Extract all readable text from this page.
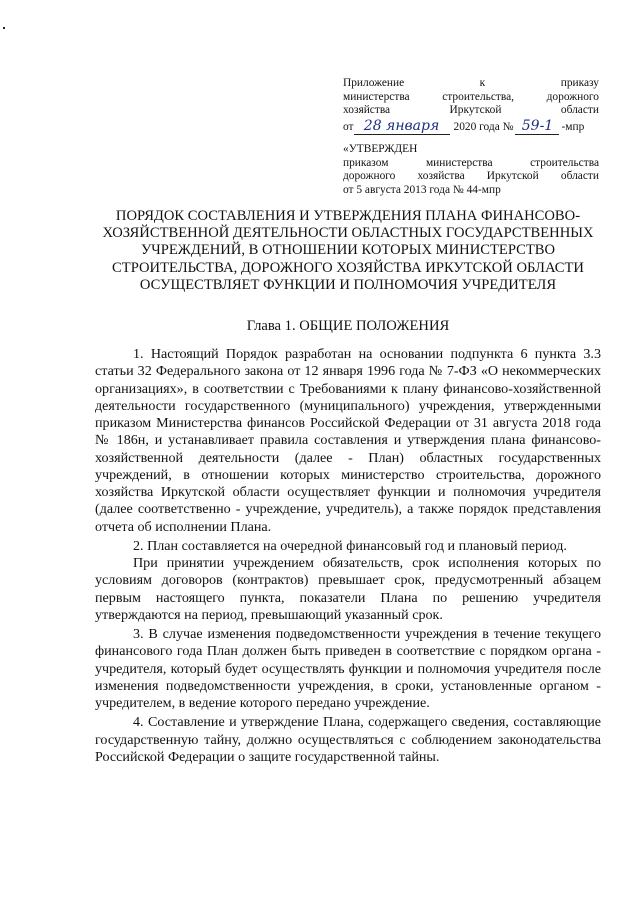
Приложение	к	приказу
министерства	строительства,	дорожного
хозяйства	Иркутской	области
от 28 января	2020 года № 59-1 -мпр
«УТВЕРЖДЕН
приказом	министерства	строительства
дорожного хозяйства Иркутской области
от 5 августа 2013 года № 44-мпр
ПОРЯДОК СОСТАВЛЕНИЯ И УТВЕРЖДЕНИЯ ПЛАНА ФИНАНСОВО-ХОЗЯЙСТВЕННОЙ ДЕЯТЕЛЬНОСТИ ОБЛАСТНЫХ ГОСУДАРСТВЕННЫХ УЧРЕЖДЕНИЙ, В ОТНОШЕНИИ КОТОРЫХ МИНИСТЕРСТВО СТРОИТЕЛЬСТВА, ДОРОЖНОГО ХОЗЯЙСТВА ИРКУТСКОЙ ОБЛАСТИ ОСУЩЕСТВЛЯЕТ ФУНКЦИИ И ПОЛНОМОЧИЯ УЧРЕДИТЕЛЯ
Глава 1. ОБЩИЕ ПОЛОЖЕНИЯ

1. Настоящий Порядок разработан на основании подпункта 6 пункта 3.3 статьи 32 Федерального закона от 12 января 1996 года № 7-ФЗ «О некоммерческих организациях», в соответствии с Требованиями к плану финансово-хозяйственной деятельности государственного (муниципального) учреждения, утвержденными приказом Министерства финансов Российской Федерации от 31 августа 2018 года № 186н, и устанавливает правила составления и утверждения плана финансово-хозяйственной деятельности (далее - План) областных государственных учреждений, в отношении которых министерство строительства, дорожного хозяйства Иркутской области осуществляет функции и полномочия учредителя (далее соответственно - учреждение, учредитель), а также порядок представления отчета об исполнении Плана.

2. План составляется на очередной финансовый год и плановый период.

При принятии учреждением обязательств, срок исполнения которых по условиям договоров (контрактов) превышает срок, предусмотренный абзацем первым настоящего пункта, показатели Плана по решению учредителя утверждаются на период, превышающий указанный срок.

3. В случае изменения подведомственности учреждения в течение текущего финансового года План должен быть приведен в соответствие с порядком органа - учредителя, который будет осуществлять функции и полномочия учредителя после изменения подведомственности учреждения, в сроки, установленные органом - учредителем, в ведение которого передано учреждение.

4. Составление и утверждение Плана, содержащего сведения, составляющие государственную тайну, должно осуществляться с соблюдением законодательства Российской Федерации о защите государственной тайны.
